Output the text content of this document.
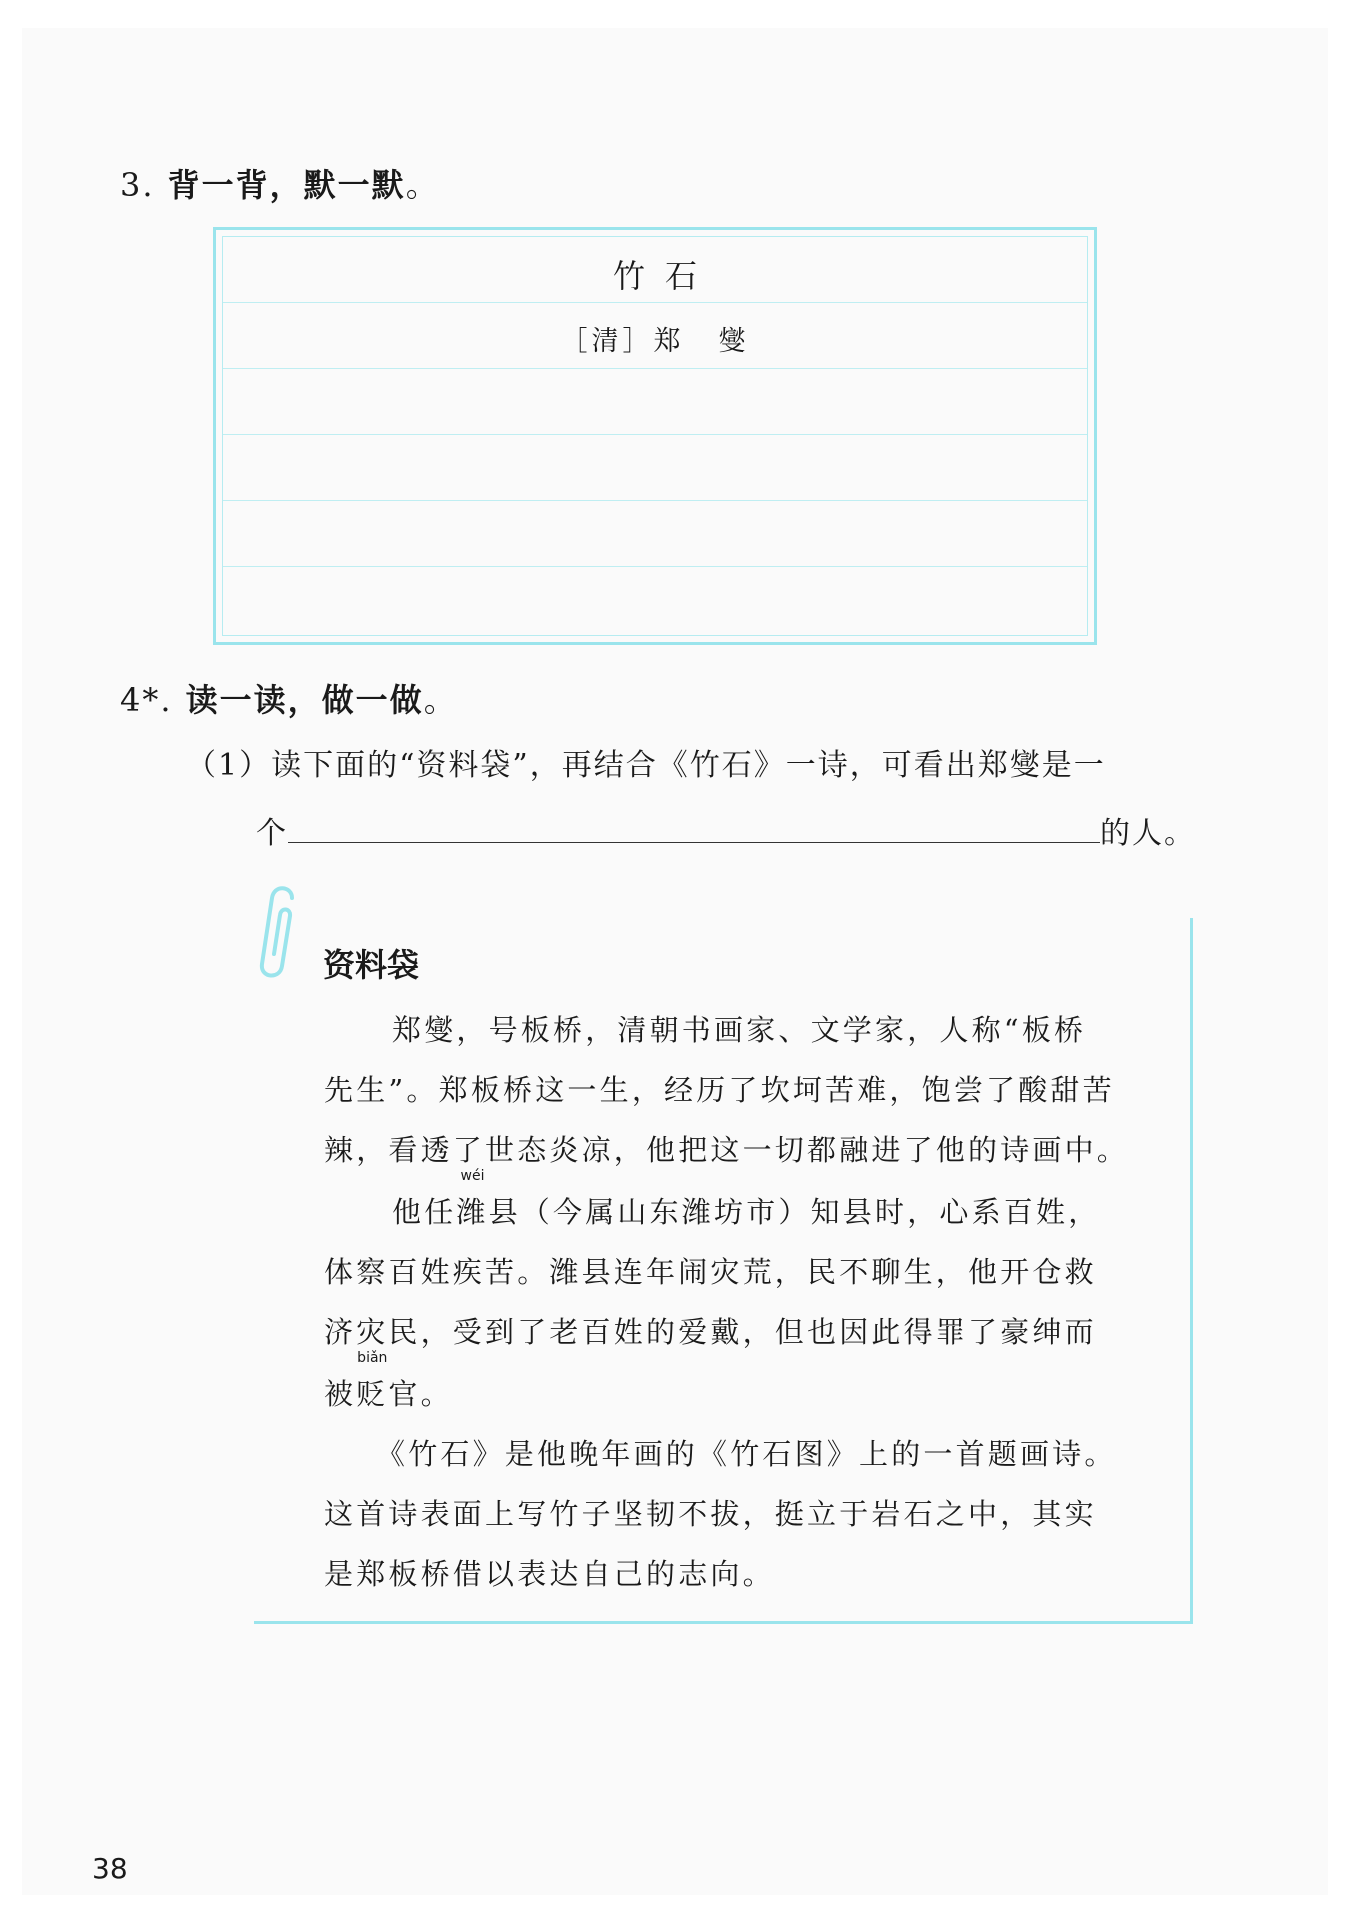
3. 背一背，默一默。
竹石
［清］郑 燮
4*. 读一读，做一做。
（1）读下面的“资料袋”，再结合《竹石》一诗，可看出郑燮是一
个	的人。
资料袋
郑燮，号板桥，清朝书画家、文学家，人称“板桥
先生”。郑板桥这一生，经历了坎坷苦难，饱尝了酸甜苦
辣，看透了世态炎凉，他把这一切都融进了他的诗画中。
他任
wéi
潍县（今属山东潍坊市）知县时，心系百姓，
体察百姓疾苦。潍县连年闹灾荒，民不聊生，他开仓救
济灾民，受到了老百姓的爱戴，但也因此得罪了豪绅而
被
biǎn
贬官。
《竹石》是他晚年画的《竹石图》上的一首题画诗。
这首诗表面上写竹子坚韧不拔，挺立于岩石之中，其实
是郑板桥借以表达自己的志向。
38
